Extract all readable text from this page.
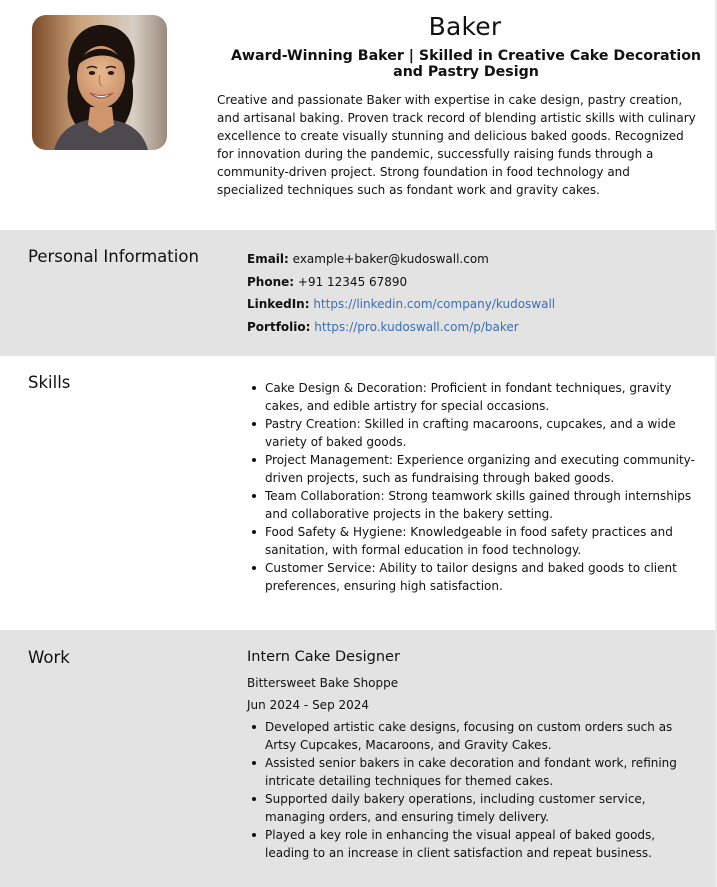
Baker
Award-Winning Baker | Skilled in Creative Cake Decoration and Pastry Design

Creative and passionate Baker with expertise in cake design, pastry creation, and artisanal baking. Proven track record of blending artistic skills with culinary excellence to create visually stunning and delicious baked goods. Recognized for innovation during the pandemic, successfully raising funds through a community-driven project. Strong foundation in food technology and specialized techniques such as fondant work and gravity cakes.

Personal Information	Email: example+baker@kudoswall.com
Phone: +91 12345 67890
LinkedIn: https://linkedin.com/company/kudoswall
Portfolio: https://pro.kudoswall.com/p/baker
Skills	Cake Design & Decoration: Proficient in fondant techniques, gravity cakes, and edible artistry for special occasions.
Pastry Creation: Skilled in crafting macaroons, cupcakes, and a wide variety of baked goods.
Project Management: Experience organizing and executing community-driven projects, such as fundraising through baked goods.
Team Collaboration: Strong teamwork skills gained through internships and collaborative projects in the bakery setting.
Food Safety & Hygiene: Knowledgeable in food safety practices and sanitation, with formal education in food technology.
Customer Service: Ability to tailor designs and baked goods to client preferences, ensuring high satisfaction.
Work	Intern Cake Designer
Bittersweet Bake Shoppe
Jun 2024 - Sep 2024
Developed artistic cake designs, focusing on custom orders such as Artsy Cupcakes, Macaroons, and Gravity Cakes.
Assisted senior bakers in cake decoration and fondant work, refining intricate detailing techniques for themed cakes.
Supported daily bakery operations, including customer service, managing orders, and ensuring timely delivery.
Played a key role in enhancing the visual appeal of baked goods, leading to an increase in client satisfaction and repeat business.
